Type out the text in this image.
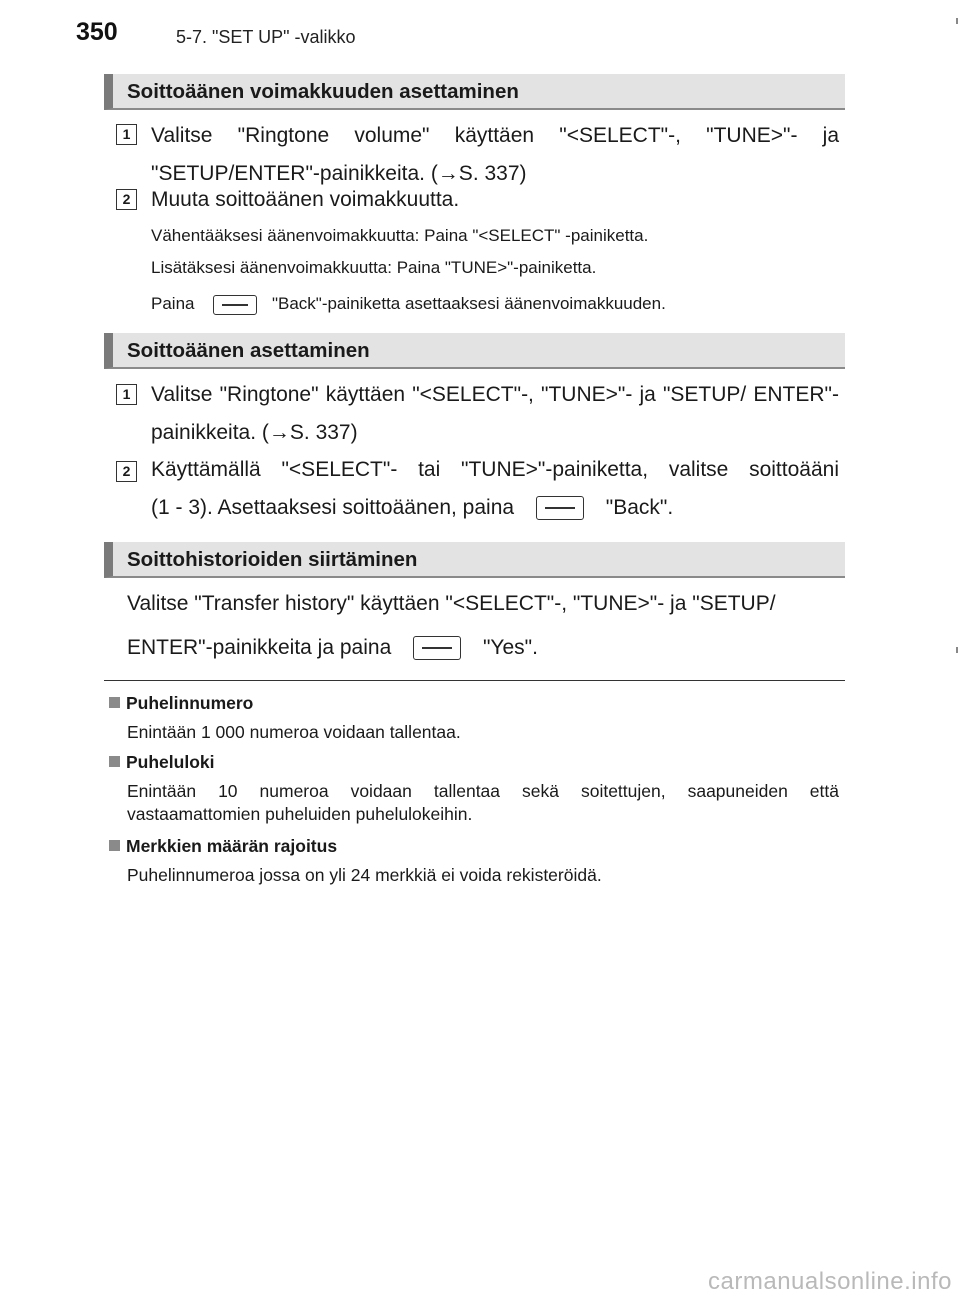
350	5-7. "SET UP" -valikko
Soittoäänen voimakkuuden asettaminen
1 Valitse "Ringtone volume" käyttäen "<SELECT"-, "TUNE>"- ja "SETUP/ENTER"-painikkeita. (→S. 337)
2 Muuta soittoäänen voimakkuutta.
Vähentääksesi äänenvoimakkuutta: Paina "<SELECT" -painiketta.
Lisätäksesi äänenvoimakkuutta: Paina "TUNE>"-painiketta.
Paina	"Back"-painiketta asettaaksesi äänenvoimakkuuden.
Soittoäänen asettaminen
1 Valitse "Ringtone" käyttäen "<SELECT"-, "TUNE>"- ja "SETUP/ ENTER"-painikkeita. (→S. 337)
2 Käyttämällä "<SELECT"- tai "TUNE>"-painiketta, valitse soittoääni
(1 - 3). Asettaaksesi soittoäänen, paina	"Back".
Soittohistorioiden siirtäminen
Valitse "Transfer history" käyttäen "<SELECT"-, "TUNE>"- ja "SETUP/
ENTER"-painikkeita ja paina	"Yes".
Puhelinnumero
Enintään 1 000 numeroa voidaan tallentaa.
Puheluloki
Enintään 10 numeroa voidaan tallentaa sekä soitettujen, saapuneiden että vastaamattomien puheluiden puhelulokeihin.
Merkkien määrän rajoitus
Puhelinnumeroa jossa on yli 24 merkkiä ei voida rekisteröidä.
carmanualsonline.info
